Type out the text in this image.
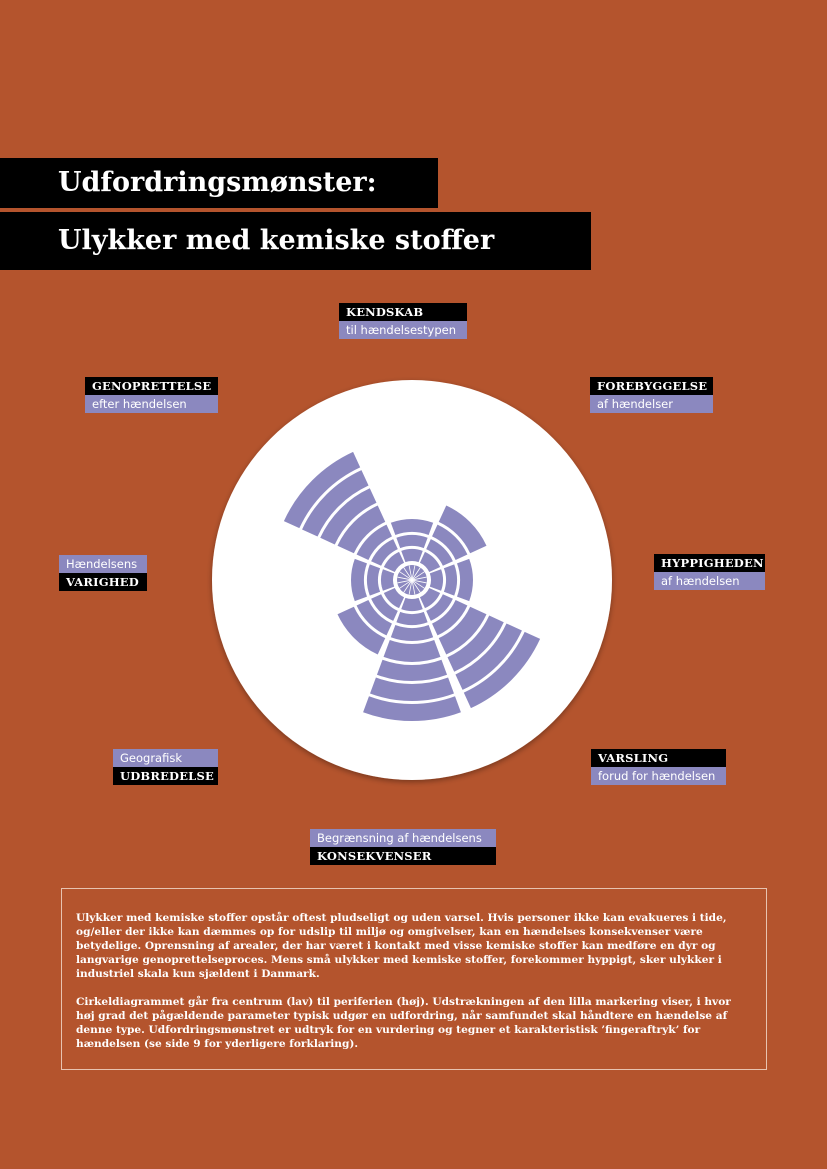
Udfordringsmønster:
Ulykker med kemiske stoffer
KENDSKAB
til hændelsestypen
FOREBYGGELSE
af hændelser
HYPPIGHEDEN
af hændelsen
VARSLING
forud for hændelsen
Begrænsning af hændelsens
KONSEKVENSER
Geografisk
UDBREDELSE
Hændelsens
VARIGHED
GENOPRETTELSE
efter hændelsen

Ulykker med kemiske stoffer opstår oftest pludseligt og uden varsel. Hvis personer ikke kan evakueres i tide, og/eller der ikke kan dæmmes op for udslip til miljø og omgivelser, kan en hændelses konsekvenser være betydelige. Oprensning af arealer, der har været i kontakt med visse kemiske stoffer kan medføre en dyr og langvarige genoprettelseproces. Mens små ulykker med kemiske stoffer, forekommer hyppigt, sker ulykker i industriel skala kun sjældent i Danmark.

Cirkeldiagrammet går fra centrum (lav) til periferien (høj). Udstrækningen af den lilla markering viser, i hvor høj grad det pågældende parameter typisk udgør en udfordring, når samfundet skal håndtere en hændelse af denne type. Udfordringsmønstret er udtryk for en vurdering og tegner et karakteristisk ’fingeraftryk’ for hændelsen (se side 9 for yderligere forklaring).
